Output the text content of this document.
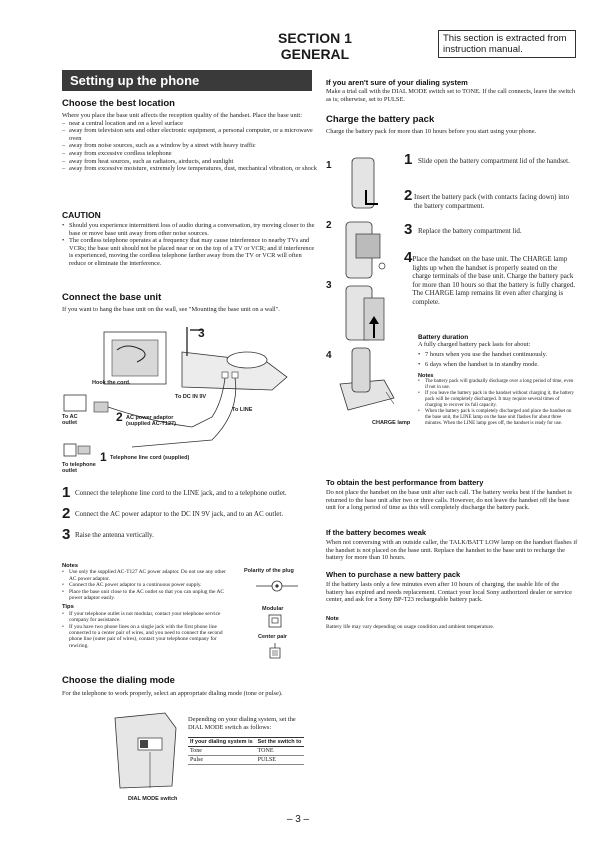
SECTION 1
GENERAL
This section is extracted from instruction manual.
Setting up the phone
Choose the best location
Where you place the base unit affects the reception quality of the handset. Place the base unit:
– near a central location and on a level surface
– away from television sets and other electronic equipment, a personal computer, or a microwave oven
– away from noise sources, such as a window by a street with heavy traffic
– away from excessive cordless telephone
– away from heat sources, such as radiators, airducts, and sunlight
– away from excessive moisture, extremely low temperatures, dust, mechanical vibration, or shock
CAUTION
• Should you experience intermittent loss of audio during a conversation, try moving closer to the base or move base unit away from other noise sources.
• The cordless telephone operates at a frequency that may cause interference to nearby TVs and VCRs; the base unit should not be placed near or on the top of a TV or VCR; and if interference is experienced, moving the cordless telephone farther away from the TV or VCR will often reduce or eliminate the interference.
Connect the base unit
If you want to hang the base unit on the wall, see "Mounting the base unit on a wall".
3
Hook the cord.
To DC IN 9V
To LINE
To AC outlet	2 AC power adaptor (supplied AC-T127)
1 Telephone line cord (supplied)
To telephone outlet
1 Connect the telephone line cord to the LINE jack, and to a telephone outlet.
2 Connect the AC power adaptor to the DC IN 9V jack, and to an AC outlet.
3 Raise the antenna vertically.
Notes
• Use only the supplied AC-T127 AC power adaptor. Do not use any other AC power adaptor.
• Connect the AC power adaptor to a continuous power supply.
• Place the base unit close to the AC outlet so that you can unplug the AC power adaptor easily.
Tips
• If your telephone outlet is not modular, contact your telephone service company for assistance.
• If you have two phone lines on a single jack with the first phone line connected to a center pair of wires, and you need to connect the second phone line (outer pair of wires), contact your telephone company for rewiring.
Polarity of the plug
Modular
Center pair
Choose the dialing mode
For the telephone to work properly, select an appropriate dialing mode (tone or pulse).
Depending on your dialing system, set the DIAL MODE switch as follows:
If your dialing system is	Set the switch to
Tone	TONE
Pulse	PULSE
DIAL MODE switch
If you aren't sure of your dialing system
Make a trial call with the DIAL MODE switch set to TONE. If the call connects, leave the switch as is; otherwise, set to PULSE.
Charge the battery pack
Charge the battery pack for more than 10 hours before you start using your phone.
1
2
3
4
CHARGE lamp
1 Slide open the battery compartment lid of the handset.
2 Insert the battery pack (with contacts facing down) into the battery compartment.
3 Replace the battery compartment lid.
4 Place the handset on the base unit. The CHARGE lamp lights up when the handset is properly seated on the charge terminals of the base unit. Charge the battery pack for more than 10 hours so that the battery is fully charged. The CHARGE lamp remains lit even after charging is complete.
Battery duration
A fully charged battery pack lasts for about:
• 7 hours when you use the handset continuously.
• 6 days when the handset is in standby mode.
Notes
• The battery pack will gradually discharge over a long period of time, even if not in use.
• If you leave the battery pack in the handset without charging it, the battery pack will be completely discharged. It may require several times of charging to recover its full capacity.
• When the battery pack is completely discharged and place the handset on the base unit, the LINE lamp on the base unit flashes for about three minutes. When the LINE lamp goes off, the handset is ready for use.
To obtain the best performance from battery
Do not place the handset on the base unit after each call. The battery works best if the handset is returned to the base unit after two or three calls. However, do not leave the handset off the base unit for a long period of time as this will completely discharge the battery pack.
If the battery becomes weak
When not conversing with an outside caller, the TALK/BATT LOW lamp on the handset flashes if the handset is not placed on the base unit. Replace the handset to the base unit to recharge the battery for more than 10 hours.
When to purchase a new battery pack
If the battery lasts only a few minutes even after 10 hours of charging, the usable life of the battery has expired and needs replacement. Contact your local Sony authorized dealer or service center, and ask for a Sony BP-T23 rechargeable battery pack.
Note
Battery life may vary depending on usage condition and ambient temperature.
– 3 –
